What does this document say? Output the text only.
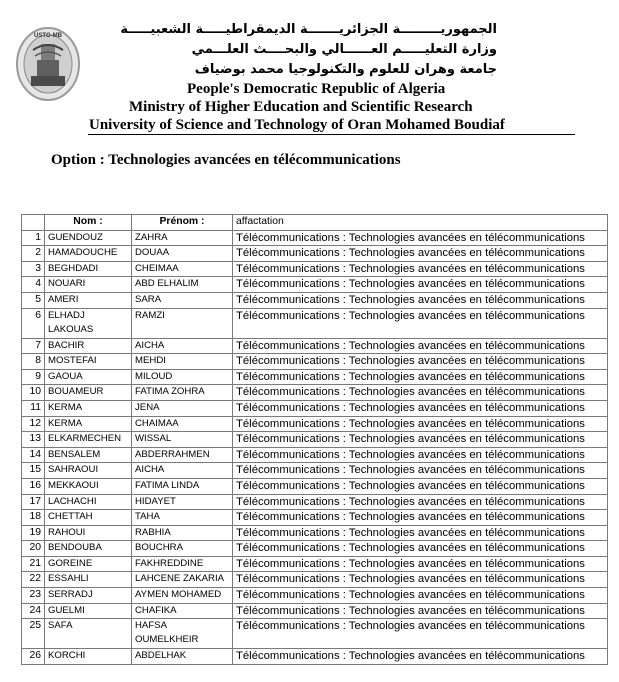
USTO-MB	الجمهوريـــــــــة الجزائريـــــــة الديمقراطيـــــة الشعبيـــــة
وزارة التعليـــــم العــــــالي والبحــــث العلـــمي
جامعة وهران للعلوم والتكنولوجيا محمد بوضياف
People's Democratic Republic of Algeria
Ministry of Higher Education and Scientific Research
University of Science and Technology of Oran Mohamed Boudiaf
Option : Technologies avancées en télécommunications
	Nom :	Prénom :	affactation
1	GUENDOUZ	ZAHRA	Télécommunications : Technologies avancées en télécommunications
2	HAMADOUCHE	DOUAA	Télécommunications : Technologies avancées en télécommunications
3	BEGHDADI	CHEIMAA	Télécommunications : Technologies avancées en télécommunications
4	NOUARI	ABD ELHALIM	Télécommunications : Technologies avancées en télécommunications
5	AMERI	SARA	Télécommunications : Technologies avancées en télécommunications
6	ELHADJ LAKOUAS	RAMZI	Télécommunications : Technologies avancées en télécommunications
7	BACHIR	AICHA	Télécommunications : Technologies avancées en télécommunications
8	MOSTEFAI	MEHDI	Télécommunications : Technologies avancées en télécommunications
9	GAOUA	MILOUD	Télécommunications : Technologies avancées en télécommunications
10	BOUAMEUR	FATIMA ZOHRA	Télécommunications : Technologies avancées en télécommunications
11	KERMA	JENA	Télécommunications : Technologies avancées en télécommunications
12	KERMA	CHAIMAA	Télécommunications : Technologies avancées en télécommunications
13	ELKARMECHEN	WISSAL	Télécommunications : Technologies avancées en télécommunications
14	BENSALEM	ABDERRAHMEN	Télécommunications : Technologies avancées en télécommunications
15	SAHRAOUI	AICHA	Télécommunications : Technologies avancées en télécommunications
16	MEKKAOUI	FATIMA LINDA	Télécommunications : Technologies avancées en télécommunications
17	LACHACHI	HIDAYET	Télécommunications : Technologies avancées en télécommunications
18	CHETTAH	TAHA	Télécommunications : Technologies avancées en télécommunications
19	RAHOUI	RABHIA	Télécommunications : Technologies avancées en télécommunications
20	BENDOUBA	BOUCHRA	Télécommunications : Technologies avancées en télécommunications
21	GOREINE	FAKHREDDINE	Télécommunications : Technologies avancées en télécommunications
22	ESSAHLI	LAHCENE ZAKARIA	Télécommunications : Technologies avancées en télécommunications
23	SERRADJ	AYMEN MOHAMED	Télécommunications : Technologies avancées en télécommunications
24	GUELMI	CHAFIKA	Télécommunications : Technologies avancées en télécommunications
25	SAFA	HAFSA OUMELKHEIR	Télécommunications : Technologies avancées en télécommunications
26	KORCHI	ABDELHAK	Télécommunications : Technologies avancées en télécommunications
